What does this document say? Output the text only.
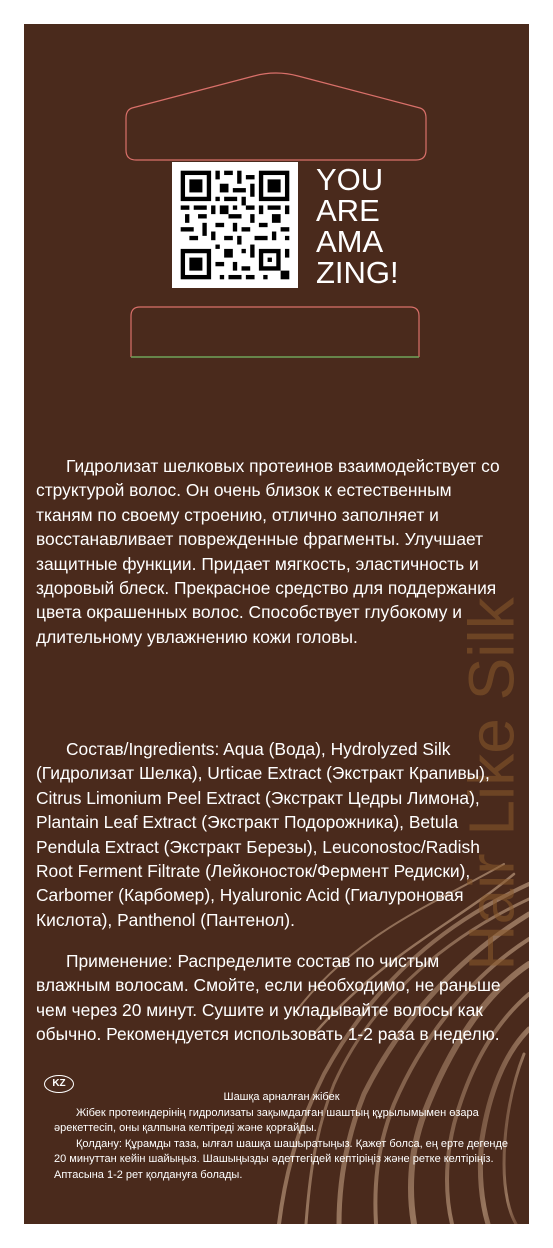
YOU
ARE
AMA
ZING!
Hair Like Silk
Гидролизат шелковых протеинов взаимодействует со структурой волос. Он очень близок к естественным тканям по своему строению, отлично заполняет и восстанавливает поврежденные фрагменты. Улучшает защитные функции. Придает мягкость, эластичность и здоровый блеск. Прекрасное средство для поддержания цвета окрашенных волос. Способствует глубокому и длительному увлажнению кожи головы.
Состав/Ingredients: Aqua (Вода), Hydrolyzed Silk (Гидролизат Шелка), Urticae Extract (Экстракт Крапивы), Citrus Limonium Peel Extract (Экстракт Цедры Лимона), Plantain Leaf Extract (Экстракт Подорожника), Betula Pendula Extract (Экстракт Березы), Leuconostoc/Radish Root Ferment Filtrate (Лейконосток/Фермент Редиски), Carbomer (Карбомер), Hyaluronic Acid (Гиалуроновая Кислота), Panthenol (Пантенол).
Применение: Распределите состав по чистым влажным волосам. Смойте, если необходимо, не раньше чем через 20 минут. Сушите и укладывайте волосы как обычно. Рекомендуется использовать 1-2 раза в неделю.
KZ
Шашқа арналған жібек
  Жібек протеиндерінің гидролизаты зақымдалған шаштың құрылымымен өзара әрекеттесіп, оны қалпына келтіреді және қорғайды.
  Қолдану: Құрамды таза, ылғал шашқа шашыратыңыз. Қажет болса, ең ерте дегенде 20 минуттан кейін шайыңыз. Шашыңызды әдеттегідей кептіріңіз және ретке келтіріңіз. Аптасына 1-2 рет қолдануға болады.
